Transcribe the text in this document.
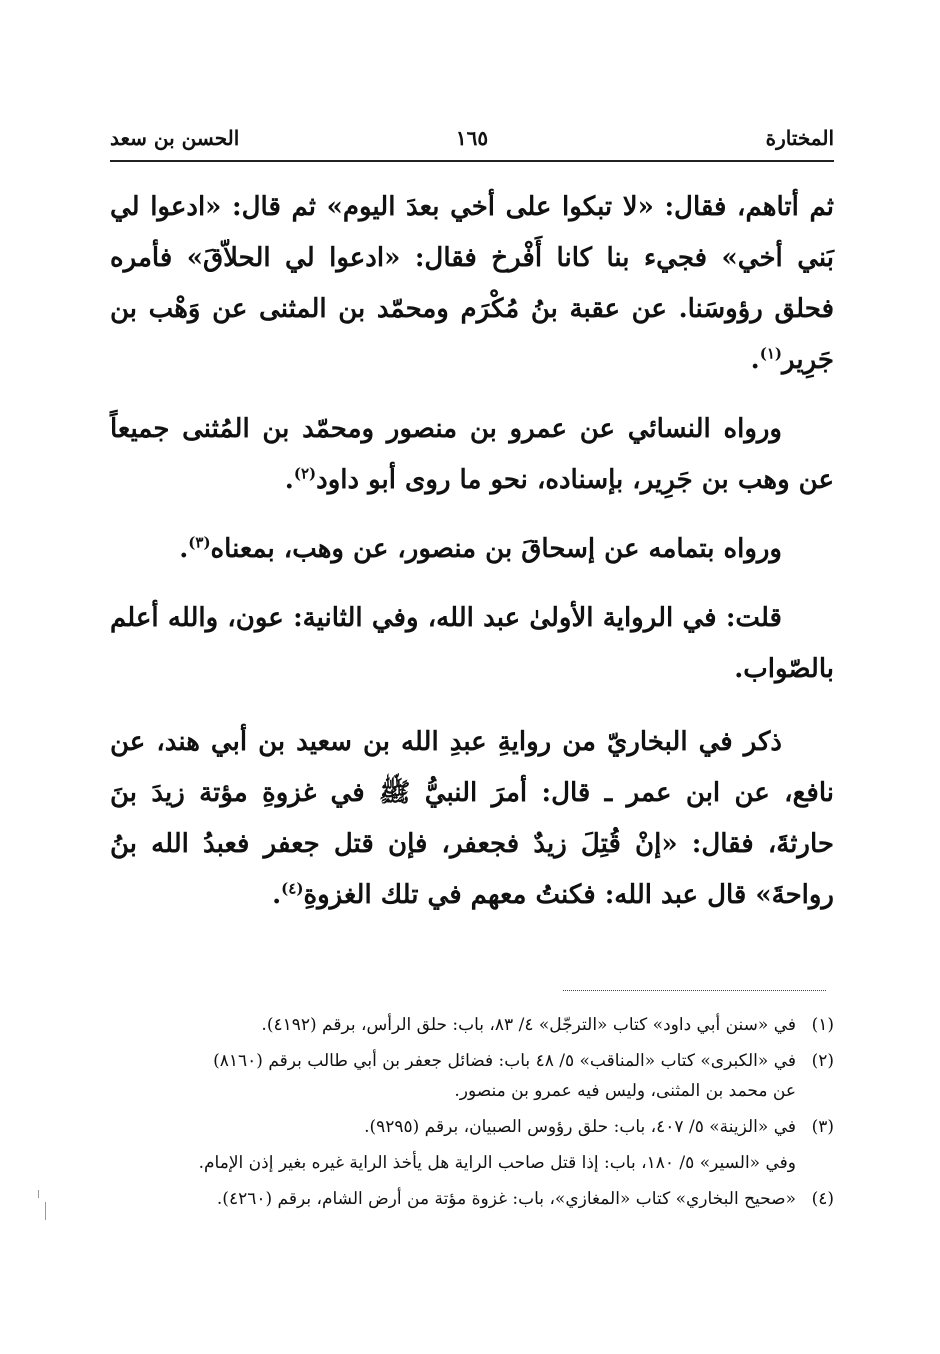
المختارة
١٦٥
الحسن بن سعد

ثم أتاهم، فقال: «لا تبكوا على أخي بعدَ اليوم» ثم قال: «ادعوا لي بَني أخي» فجيء بنا كانا أَفْرخ فقال: «ادعوا لي الحلاّقَ» فأمره فحلق رؤوسَنا. عن عقبة بنُ مُكْرَم ومحمّد بن المثنى عن وَهْب بن جَرِير$^{(١)}$.

ورواه النسائي عن عمرو بن منصور ومحمّد بن المُثنى جميعاً عن وهب بن جَرِير، بإسناده، نحو ما روى أبو داود$^{(٢)}$.

ورواه بتمامه عن إسحاقَ بن منصور، عن وهب، بمعناه$^{(٣)}$.

قلت: في الرواية الأولىٰ عبد الله، وفي الثانية: عون، والله أعلم بالصّواب.

ذكر في البخاريّ من روايةِ عبدِ الله بن سعيد بن أبي هند، عن نافع، عن ابن عمر ـ قال: أمرَ النبيُّ ﷺ في غزوةِ مؤتة زيدَ بنَ حارثةَ، فقال: «إنْ قُتِلَ زيدٌ فجعفر، فإن قتل جعفر فعبدُ الله بنُ رواحةَ» قال عبد الله: فكنتُ معهم في تلك الغزوةِ$^{(٤)}$.

(١)
في «سنن أبي داود» كتاب «الترجّل» ٤/ ٨٣، باب: حلق الرأس، برقم (٤١٩٢).
(٢)
في «الكبرى» كتاب «المناقب» ٥/ ٤٨ باب: فضائل جعفر بن أبي طالب برقم (٨١٦٠)
عن محمد بن المثنى، وليس فيه عمرو بن منصور.
(٣)
في «الزينة» ٥/ ٤٠٧، باب: حلق رؤوس الصبيان، برقم (٩٢٩٥).
وفي «السير» ٥/ ١٨٠، باب: إذا قتل صاحب الراية هل يأخذ الراية غيره بغير إذن الإمام.
(٤)
«صحيح البخاري» كتاب «المغازي»، باب: غزوة مؤتة من أرض الشام، برقم (٤٢٦٠).
